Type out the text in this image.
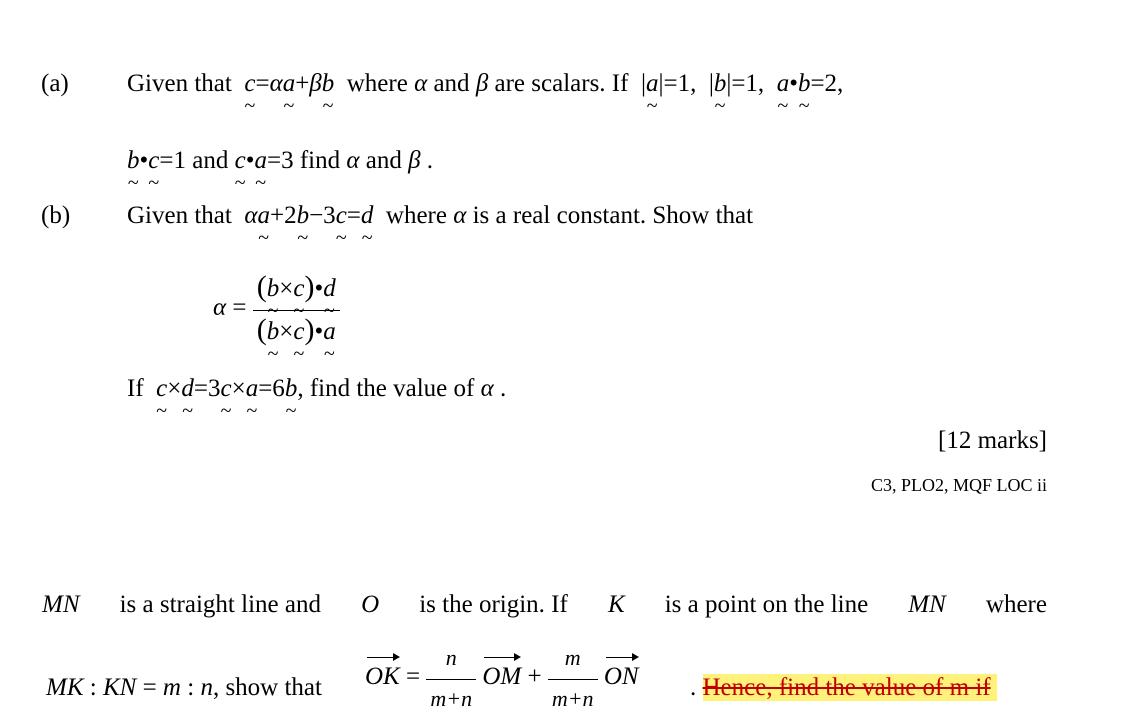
(a) Given that c ~=αa ~+βb ~ where α and β are scalars. If  |a ~|=1,  |b ~|=1,  a ~•b ~=2,
b ~•c ~=1 and c ~•a ~=3 find α and β .
(b) Given that αa ~+2b ~−3c ~=d ~ where α is a real constant. Show that
$\alpha = \frac{(b \sim\times c \sim)•d \sim}{(b \sim\times c \sim)•a}$ ~
If c ~×d ~=3c ~×a ~=6b ~, find the value of α .
[12 marks]
C3, PLO2, MQF LOC ii
MN is a straight line and O is the origin. If K is a point on the line MN where
MK : KN = m : n, show that OK = $\frac{n}{m+n}$ OM + $\frac{m}{m+n}$ ON . Hence, find the value of m if
